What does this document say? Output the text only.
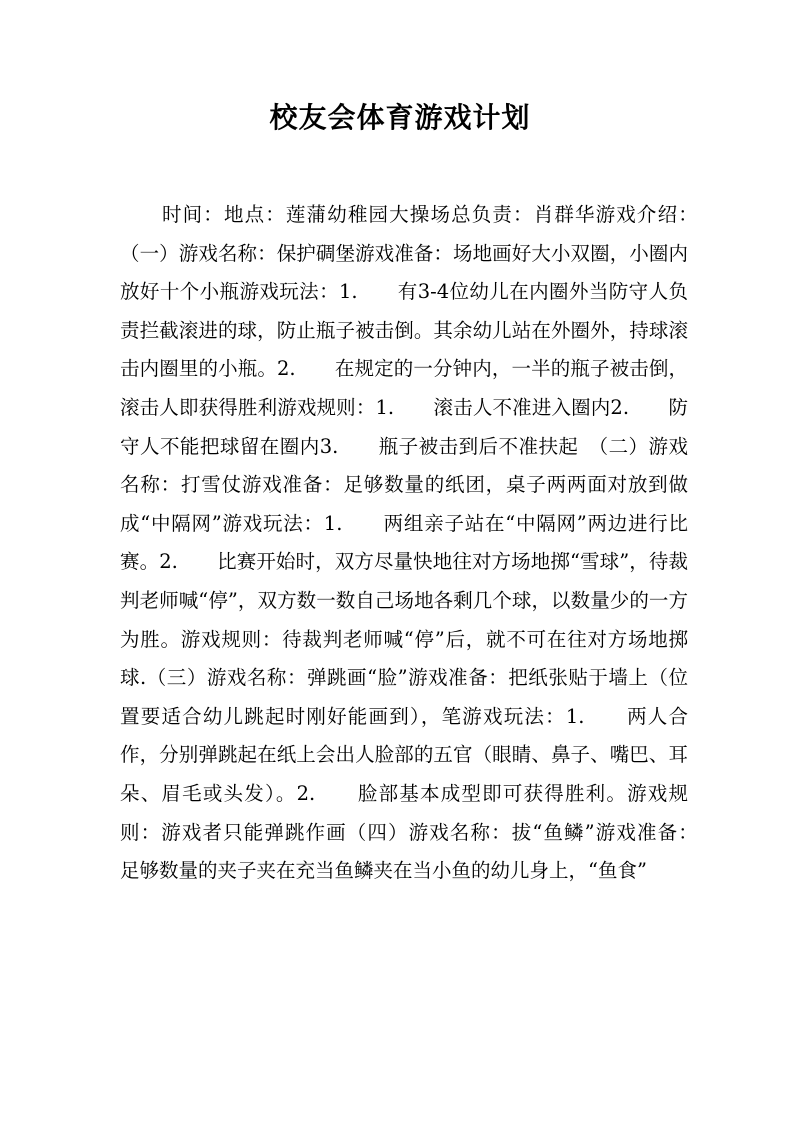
校友会体育游戏计划

时间：地点：莲蒲幼稚园大操场总负责：肖群华游戏介绍：　（一）游戏名称：保护碉堡游戏准备：场地画好大小双圈，小圈内放好十个小瓶游戏玩法：1.　　有3-4位幼儿在内圈外当防守人负责拦截滚进的球，防止瓶子被击倒。其余幼儿站在外圈外，持球滚击内圈里的小瓶。2.　　在规定的一分钟内，一半的瓶子被击倒，滚击人即获得胜利游戏规则：1.　　滚击人不准进入圈内2.　　防守人不能把球留在圈内3.　　瓶子被击到后不准扶起　（二）游戏名称：打雪仗游戏准备：足够数量的纸团，桌子两两面对放到做成“中隔网”游戏玩法：1.　　两组亲子站在“中隔网”两边进行比赛。2.　　比赛开始时，双方尽量快地往对方场地掷“雪球”，待裁判老师喊“停”，双方数一数自己场地各剩几个球，以数量少的一方为胜。游戏规则：待裁判老师喊“停”后，就不可在往对方场地掷球.（三）游戏名称：弹跳画“脸”游戏准备：把纸张贴于墙上（位置要适合幼儿跳起时刚好能画到），笔游戏玩法：1.　　两人合作，分别弹跳起在纸上会出人脸部的五官（眼睛、鼻子、嘴巴、耳朵、眉毛或头发）。2.　　脸部基本成型即可获得胜利。游戏规则：游戏者只能弹跳作画（四）游戏名称：拔“鱼鳞”游戏准备：　足够数量的夹子夹在充当鱼鳞夹在当小鱼的幼儿身上，“鱼食”
